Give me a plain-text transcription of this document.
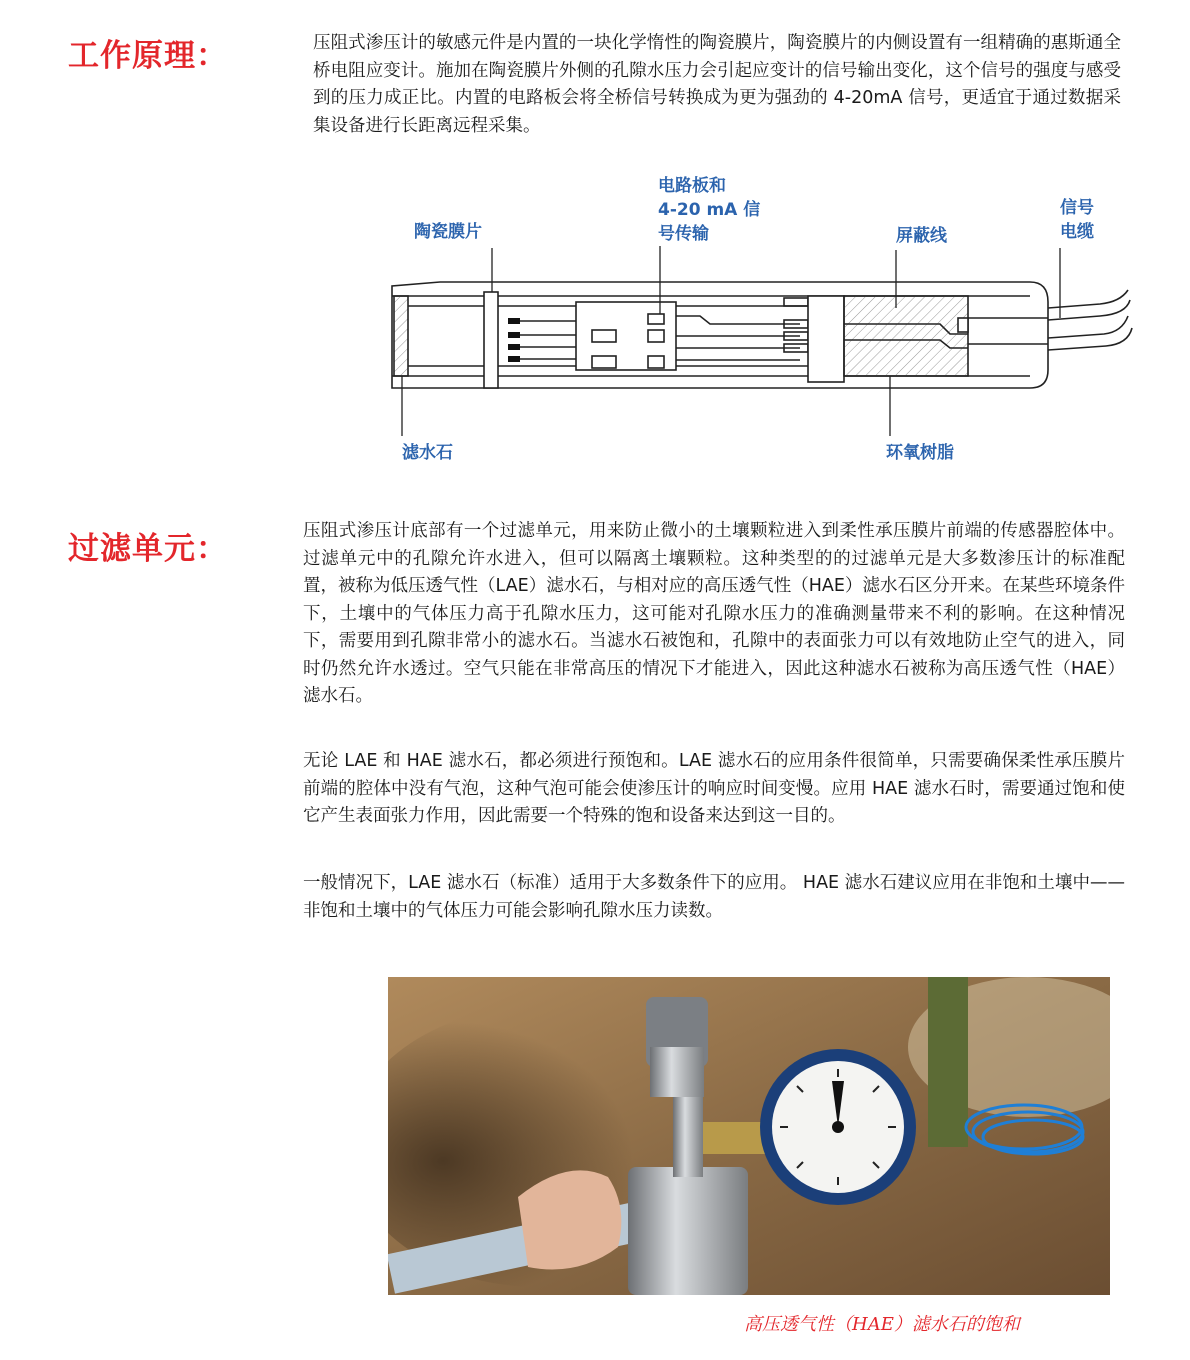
工作原理：	压阻式渗压计的敏感元件是内置的一块化学惰性的陶瓷膜片，陶瓷膜片的内侧设置有一组精确的惠斯通全桥电阻应变计。施加在陶瓷膜片外侧的孔隙水压力会引起应变计的信号输出变化，这个信号的强度与感受到的压力成正比。内置的电路板会将全桥信号转换成为更为强劲的 4-20mA 信号，更适宜于通过数据采集设备进行长距离远程采集。

陶瓷膜片
电路板和
4-20 mA 信
号传输	屏蔽线
信号
电缆
滤水石	环氧树脂
过滤单元：	压阻式渗压计底部有一个过滤单元，用来防止微小的土壤颗粒进入到柔性承压膜片前端的传感器腔体中。过滤单元中的孔隙允许水进入，但可以隔离土壤颗粒。这种类型的的过滤单元是大多数渗压计的标准配置，被称为低压透气性（LAE）滤水石，与相对应的高压透气性（HAE）滤水石区分开来。在某些环境条件下，土壤中的气体压力高于孔隙水压力，这可能对孔隙水压力的准确测量带来不利的影响。在这种情况下，需要用到孔隙非常小的滤水石。当滤水石被饱和，孔隙中的表面张力可以有效地防止空气的进入，同时仍然允许水透过。空气只能在非常高压的情况下才能进入，因此这种滤水石被称为高压透气性（HAE）滤水石。

无论 LAE 和 HAE 滤水石，都必须进行预饱和。LAE 滤水石的应用条件很简单，只需要确保柔性承压膜片前端的腔体中没有气泡，这种气泡可能会使渗压计的响应时间变慢。应用 HAE 滤水石时，需要通过饱和使它产生表面张力作用，因此需要一个特殊的饱和设备来达到这一目的。

一般情况下，LAE 滤水石（标准）适用于大多数条件下的应用。 HAE 滤水石建议应用在非饱和土壤中——非饱和土壤中的气体压力可能会影响孔隙水压力读数。

高压透气性（HAE）滤水石的饱和
